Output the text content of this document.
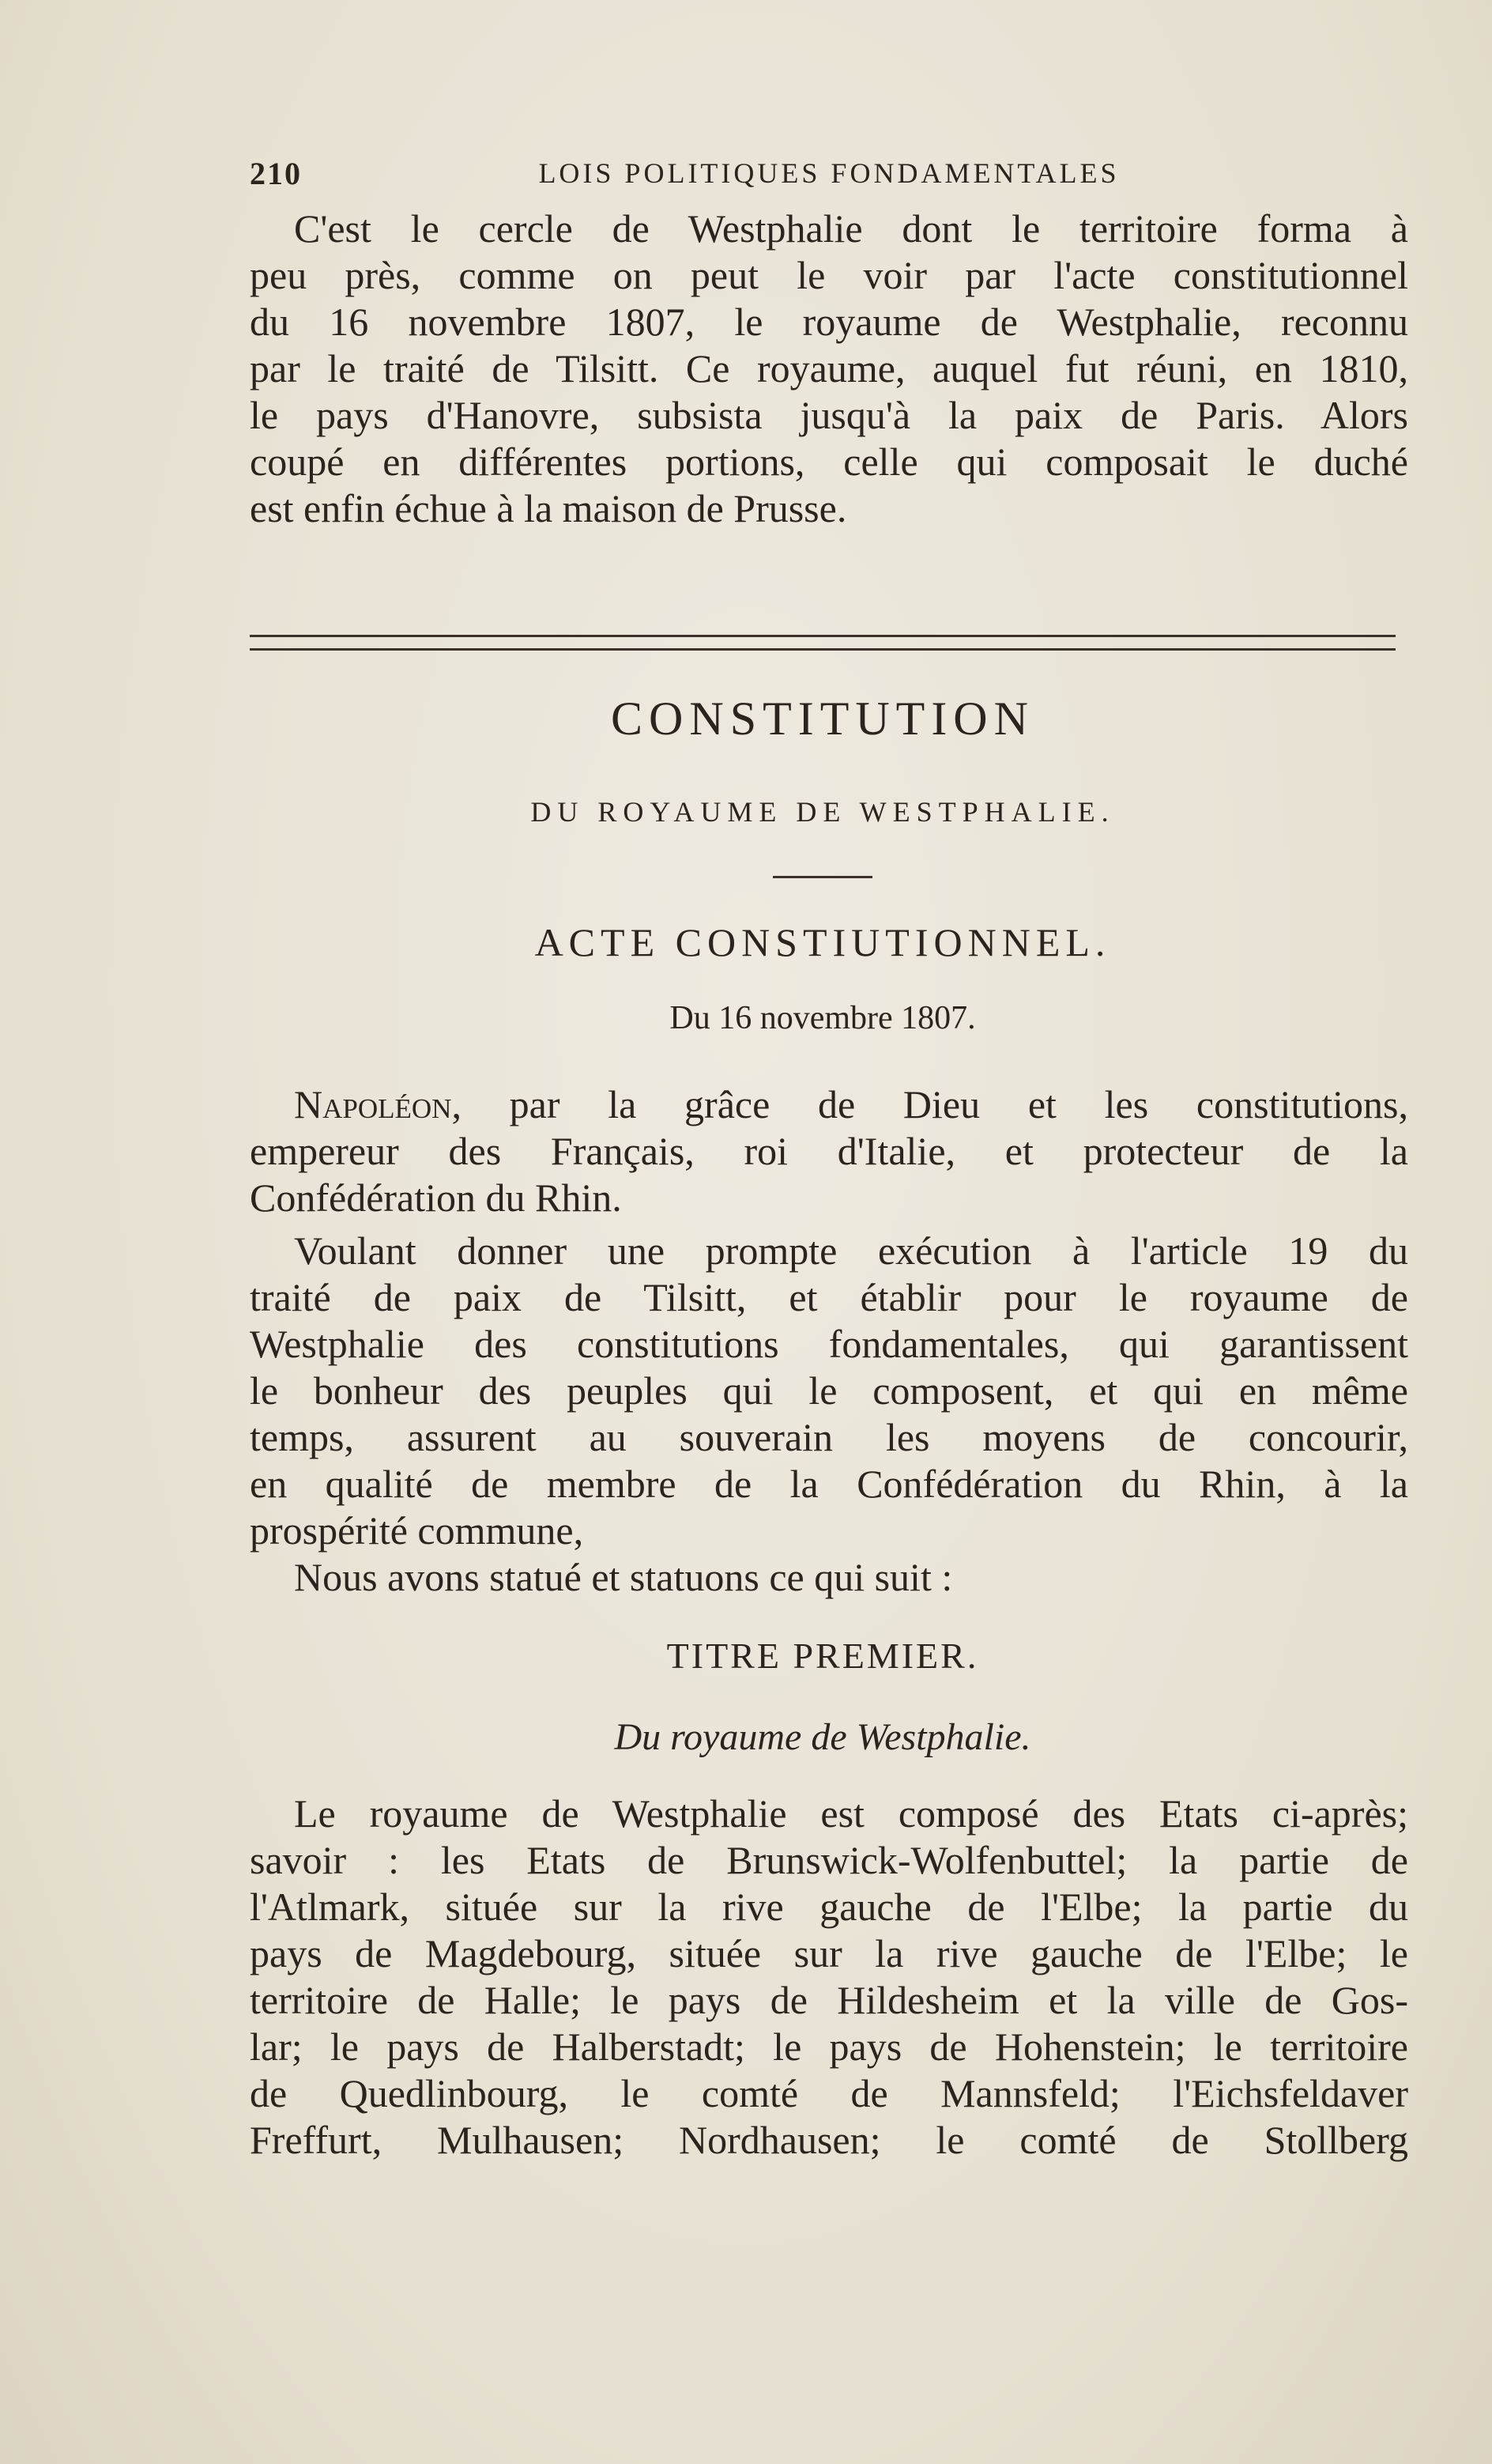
210	LOIS POLITIQUES FONDAMENTALES

C'est le cercle de Westphalie dont le territoire forma à

peu près, comme on peut le voir par l'acte constitutionnel

du 16 novembre 1807, le royaume de Westphalie, reconnu

par le traité de Tilsitt. Ce royaume, auquel fut réuni, en 1810,

le pays d'Hanovre, subsista jusqu'à la paix de Paris. Alors

coupé en différentes portions, celle qui composait le duché

est enfin échue à la maison de Prusse.

CONSTITUTION
DU ROYAUME DE WESTPHALIE.
ACTE CONSTIUTIONNEL.
Du 16 novembre 1807.

Napoléon, par la grâce de Dieu et les constitutions,

empereur des Français, roi d'Italie, et protecteur de la

Confédération du Rhin.

Voulant donner une prompte exécution à l'article 19 du

traité de paix de Tilsitt, et établir pour le royaume de

Westphalie des constitutions fondamentales, qui garantissent

le bonheur des peuples qui le composent, et qui en même

temps, assurent au souverain les moyens de concourir,

en qualité de membre de la Confédération du Rhin, à la

prospérité commune,

Nous avons statué et statuons ce qui suit :

TITRE PREMIER.
Du royaume de Westphalie.

Le royaume de Westphalie est composé des Etats ci-après;

savoir : les Etats de Brunswick-Wolfenbuttel; la partie de

l'Atlmark, située sur la rive gauche de l'Elbe; la partie du

pays de Magdebourg, située sur la rive gauche de l'Elbe; le

territoire de Halle; le pays de Hildesheim et la ville de Gos-

lar; le pays de Halberstadt; le pays de Hohenstein; le territoire

de Quedlinbourg, le comté de Mannsfeld; l'Eichsfeldaver

Freffurt, Mulhausen; Nordhausen; le comté de Stollberg
